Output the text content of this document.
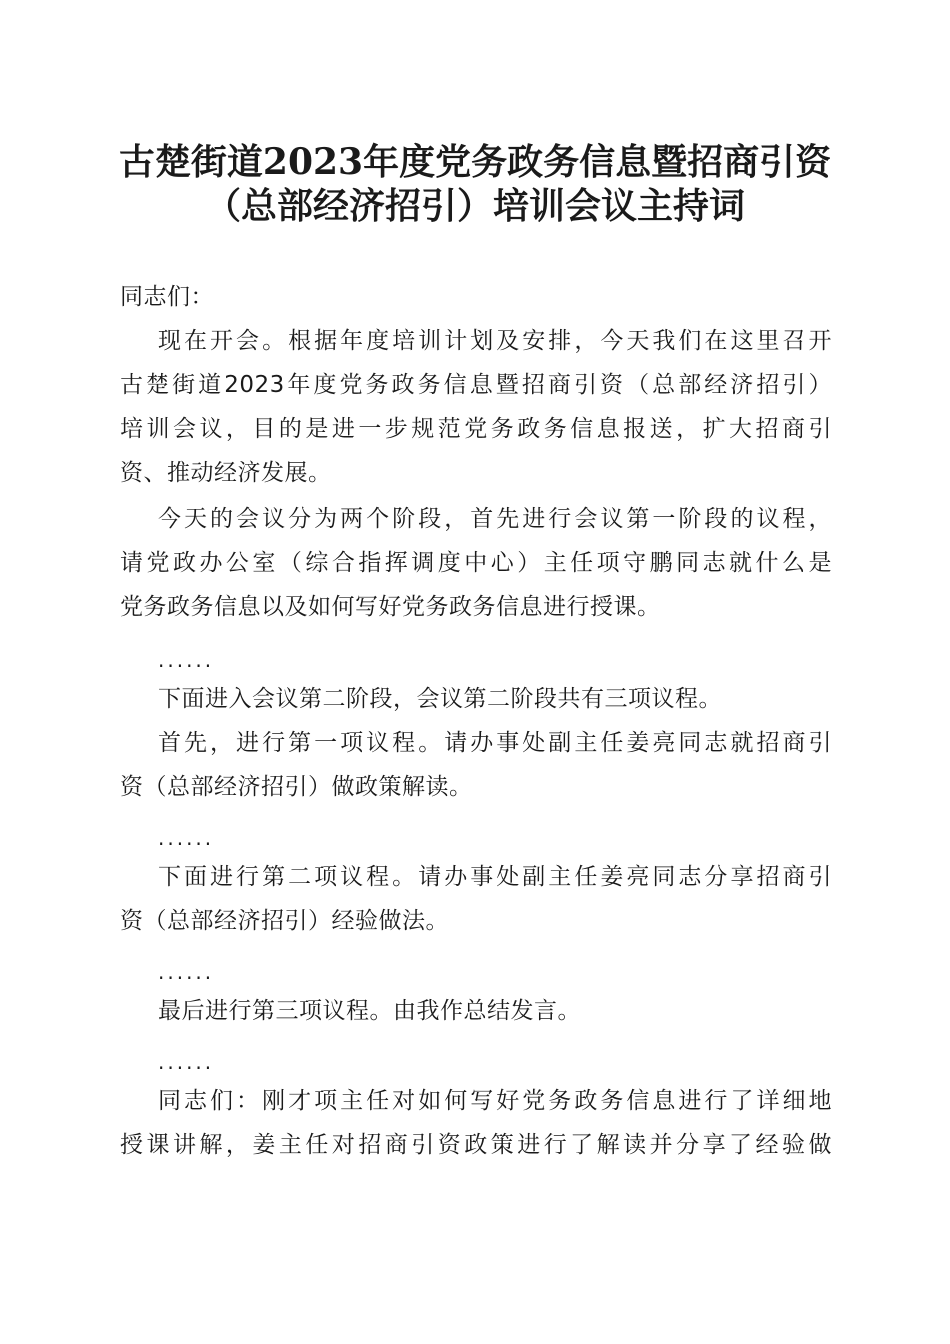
古楚街道2023年度党务政务信息暨招商引资
（总部经济招引）培训会议主持词
同志们：
现在开会。根据年度培训计划及安排，今天我们在这里召开
古楚街道2023年度党务政务信息暨招商引资（总部经济招引）
培训会议，目的是进一步规范党务政务信息报送，扩大招商引
资、推动经济发展。
今天的会议分为两个阶段，首先进行会议第一阶段的议程，
请党政办公室（综合指挥调度中心）主任项守鹏同志就什么是
党务政务信息以及如何写好党务政务信息进行授课。
......
下面进入会议第二阶段，会议第二阶段共有三项议程。
首先，进行第一项议程。请办事处副主任姜亮同志就招商引
资（总部经济招引）做政策解读。
......
下面进行第二项议程。请办事处副主任姜亮同志分享招商引
资（总部经济招引）经验做法。
......
最后进行第三项议程。由我作总结发言。
......
同志们：刚才项主任对如何写好党务政务信息进行了详细地
授课讲解，姜主任对招商引资政策进行了解读并分享了经验做
